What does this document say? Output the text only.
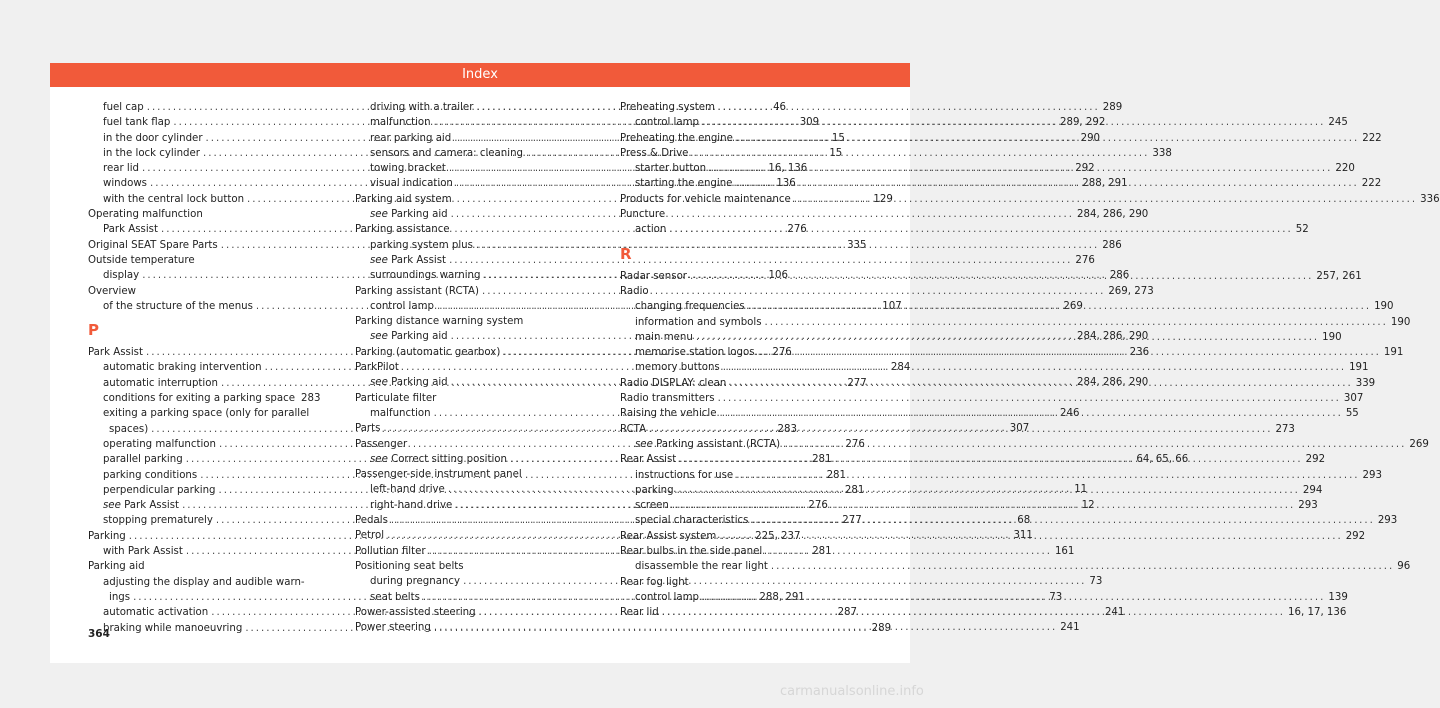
Index
fuel cap .....	46
fuel tank flap .....	309
in the door cylinder .....	15
in the lock cylinder .....	15
rear lid .....	16, 136
windows .....	136
with the central lock button .....	129
Operating malfunction
Park Assist .....	276
Original SEAT Spare Parts .....	335
Outside temperature
display .....	106
Overview
of the structure of the menus .....	107
P
Park Assist .....	276
automatic braking intervention .....	284
automatic interruption .....	277
conditions for exiting a parking space 283
exiting a parking space (only for parallel
spaces) .....	283
operating malfunction .....	276
parallel parking .....	281
parking conditions .....	281
perpendicular parking .....	281
see Park Assist .....	276
stopping prematurely .....	277
Parking .....	225, 237
with Park Assist .....	281
Parking aid
adjusting the display and audible warn-
ings .....	288, 291
automatic activation .....	287
braking while manoeuvring .....	289
driving with a trailer .....	289
malfunction .....	289, 292
rear parking aid .....	290
sensors and camera: cleaning .....	338
towing bracket .....	292
visual indication .....	288, 291
Parking aid system
see Parking aid .....	284, 286, 290
Parking assistance
parking system plus .....	286
see Park Assist .....	276
surroundings warning .....	286
Parking assistant (RCTA) .....	269, 273
control lamp .....	269
Parking distance warning system
see Parking aid .....	284, 286, 290
Parking (automatic gearbox) .....	236
ParkPilot
see Parking aid .....	284, 286, 290
Particulate filter
malfunction .....	246
Parts .....	307
Passenger
see Correct sitting position .....	64, 65, 66
Passenger-side instrument panel
left-hand drive .....	11
right-hand drive .....	12
Pedals .....	68
Petrol .....	311
Pollution filter .....	161
Positioning seat belts
during pregnancy .....	73
seat belts .....	73
Power-assisted steering .....	241
Power steering .....	241
Preheating system
control lamp .....	245
Preheating the engine .....	222
Press & Drive
starter button .....	220
starting the engine .....	222
Products for vehicle maintenance .....	336
Puncture
action .....	52
R
Radar sensor .....	257, 261
Radio
changing frequencies .....	190
information and symbols .....	190
main menu .....	190
memorise station logos .....	191
memory buttons .....	191
Radio DISPLAY: clean .....	339
Radio transmitters .....	307
Raising the vehicle .....	55
RCTA .....	273
see Parking assistant (RCTA) .....	269
Rear Assist .....	292
instructions for use .....	293
parking .....	294
screen .....	293
special characteristics .....	293
Rear Assist system .....	292
Rear bulbs in the side panel
disassemble the rear light .....	96
Rear fog light
control lamp .....	139
Rear lid .....	16, 17, 136
364
carmanualsonline.info
